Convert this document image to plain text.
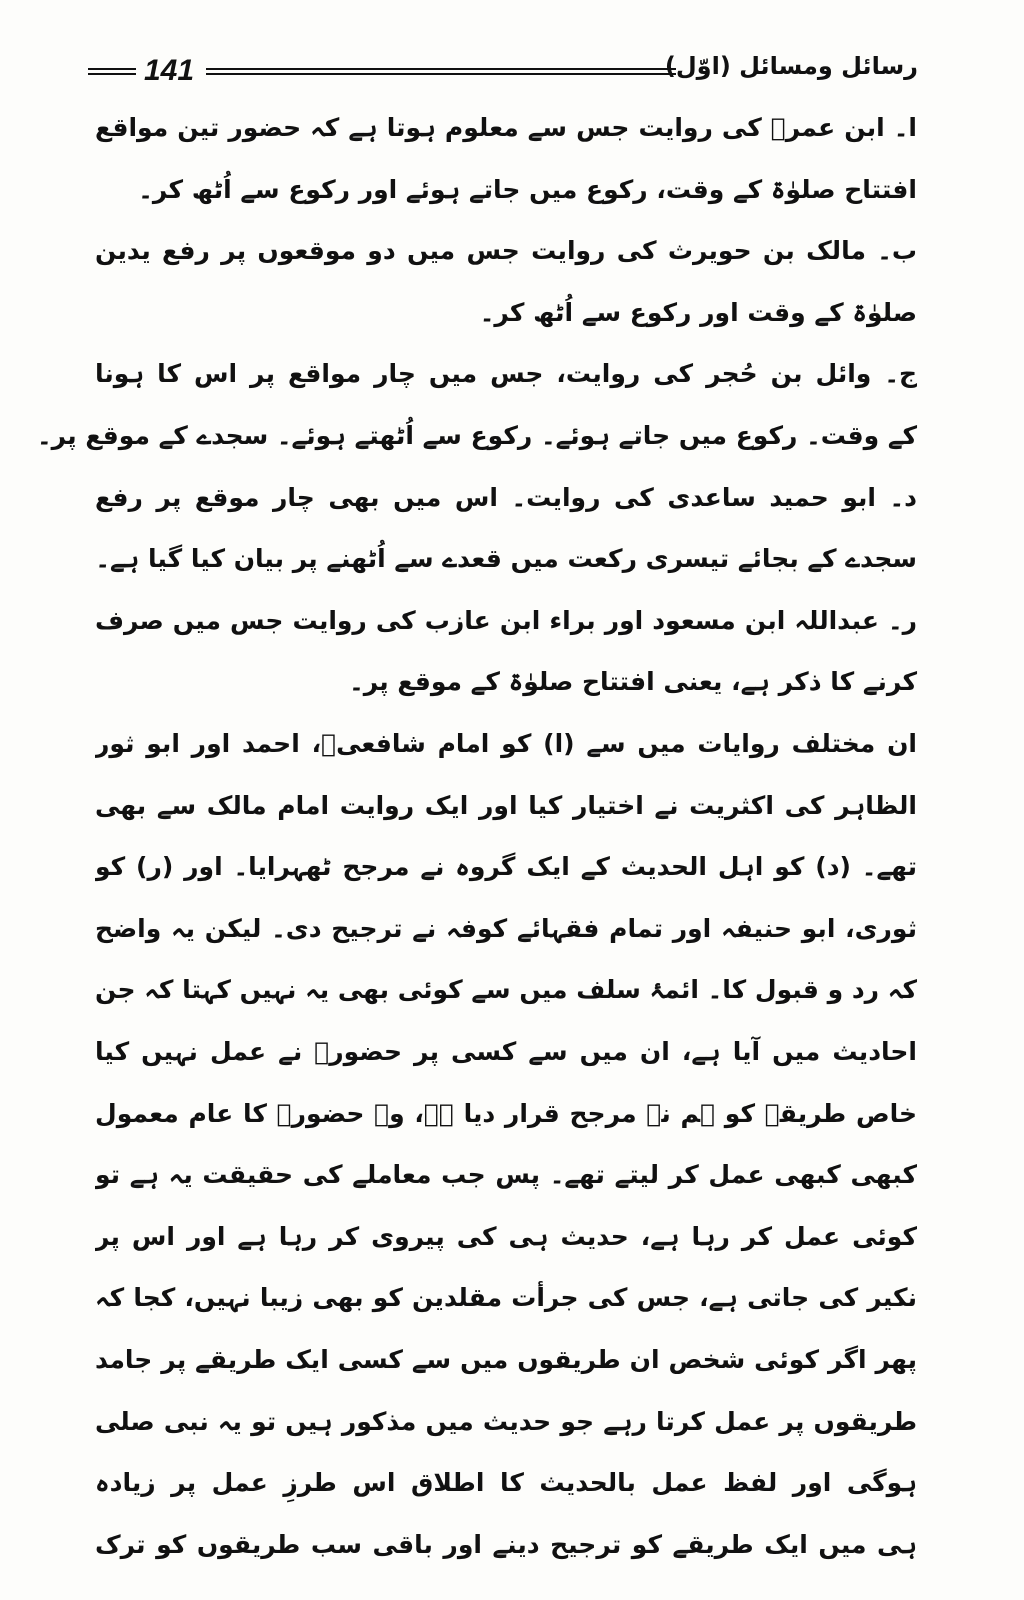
141	رسائل ومسائل (اوّل)
ا۔ ابن عمرؓ کی روایت جس سے معلوم ہوتا ہے کہ حضور تین مواقع
افتتاح صلوٰۃ کے وقت، رکوع میں جاتے ہوئے اور رکوع سے اُٹھ کر۔
ب۔ مالک بن حویرث کی روایت جس میں دو موقعوں پر رفع یدین
صلوٰۃ کے وقت اور رکوع سے اُٹھ کر۔
ج۔ وائل بن حُجر کی روایت، جس میں چار مواقع پر اس کا ہونا
کے وقت۔ رکوع میں جاتے ہوئے۔ رکوع سے اُٹھتے ہوئے۔ سجدے کے موقع پر۔
د۔ ابو حمید ساعدی کی روایت۔ اس میں بھی چار موقع پر رفع
سجدے کے بجائے تیسری رکعت میں قعدے سے اُٹھنے پر بیان کیا گیا ہے۔
ر۔ عبداللہ ابن مسعود اور براء ابن عازب کی روایت جس میں صرف
کرنے کا ذکر ہے، یعنی افتتاح صلوٰۃ کے موقع پر۔
ان مختلف روایات میں سے (ا) کو امام شافعیؒ، احمد اور ابو ثور
الظاہر کی اکثریت نے اختیار کیا اور ایک روایت امام مالک سے بھی
تھے۔ (د) کو اہل الحدیث کے ایک گروہ نے مرجح ٹھہرایا۔ اور (ر) کو
ثوری، ابو حنیفہ اور تمام فقہائے کوفہ نے ترجیح دی۔ لیکن یہ واضح
کہ رد و قبول کا۔ ائمۂ سلف میں سے کوئی بھی یہ نہیں کہتا کہ جن
احادیث میں آیا ہے، ان میں سے کسی پر حضورؐ نے عمل نہیں کیا
خاص طریقے کو ہم نے مرجح قرار دیا ہے، وہ حضورؐ کا عام معمول
کبھی کبھی عمل کر لیتے تھے۔ پس جب معاملے کی حقیقت یہ ہے تو
کوئی عمل کر رہا ہے، حدیث ہی کی پیروی کر رہا ہے اور اس پر
نکیر کی جاتی ہے، جس کی جرأت مقلدین کو بھی زیبا نہیں، کجا کہ
پھر اگر کوئی شخص ان طریقوں میں سے کسی ایک طریقے پر جامد
طریقوں پر عمل کرتا رہے جو حدیث میں مذکور ہیں تو یہ نبی صلی
ہوگی اور لفظ عمل بالحدیث کا اطلاق اس طرزِ عمل پر زیادہ
ہی میں ایک طریقے کو ترجیح دینے اور باقی سب طریقوں کو ترک
